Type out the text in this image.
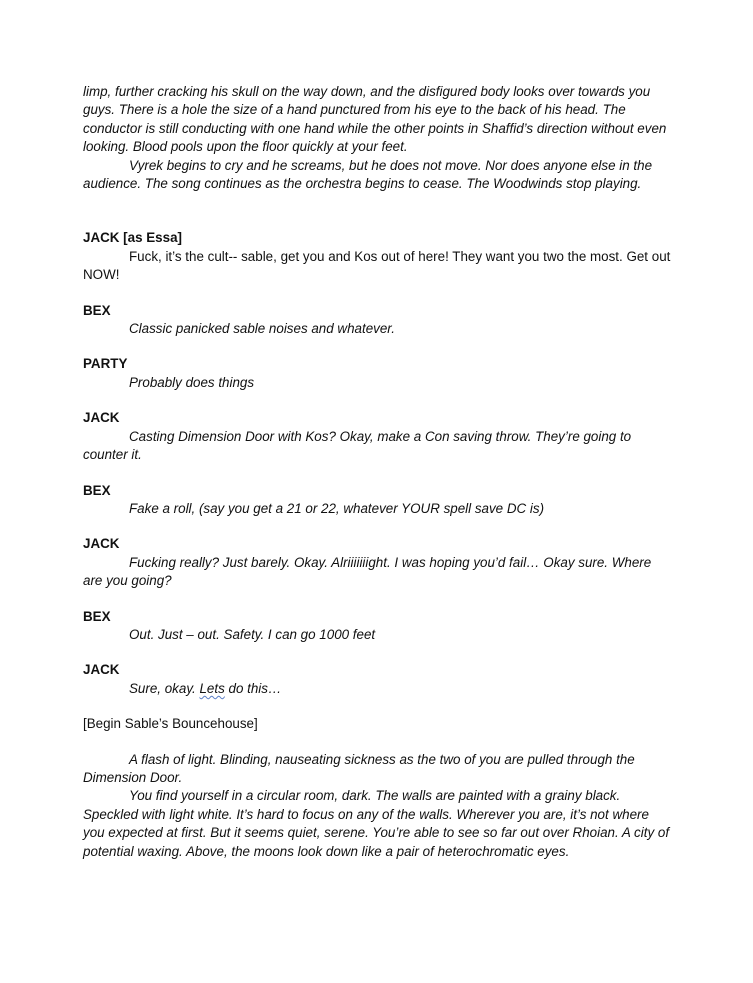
limp, further cracking his skull on the way down, and the disfigured body looks over towards you guys. There is a hole the size of a hand punctured from his eye to the back of his head. The conductor is still conducting with one hand while the other points in Shaffid’s direction without even looking. Blood pools upon the floor quickly at your feet.

Vyrek begins to cry and he screams, but he does not move. Nor does anyone else in the audience. The song continues as the orchestra begins to cease. The Woodwinds stop playing.

JACK [as Essa]

Fuck, it’s the cult-- sable, get you and Kos out of here! They want you two the most. Get out NOW!

BEX

Classic panicked sable noises and whatever.

PARTY

Probably does things

JACK

Casting Dimension Door with Kos? Okay, make a Con saving throw. They’re going to counter it.

BEX

Fake a roll, (say you get a 21 or 22, whatever YOUR spell save DC is)

JACK

Fucking really? Just barely. Okay. Alriiiiiiight. I was hoping you’d fail… Okay sure. Where are you going?

BEX

Out. Just – out. Safety. I can go 1000 feet

JACK

Sure, okay. Lets do this…

[Begin Sable’s Bouncehouse]

A flash of light. Blinding, nauseating sickness as the two of you are pulled through the Dimension Door.

You find yourself in a circular room, dark. The walls are painted with a grainy black. Speckled with light white. It’s hard to focus on any of the walls. Wherever you are, it’s not where you expected at first. But it seems quiet, serene. You’re able to see so far out over Rhoian. A city of potential waxing. Above, the moons look down like a pair of heterochromatic eyes.
